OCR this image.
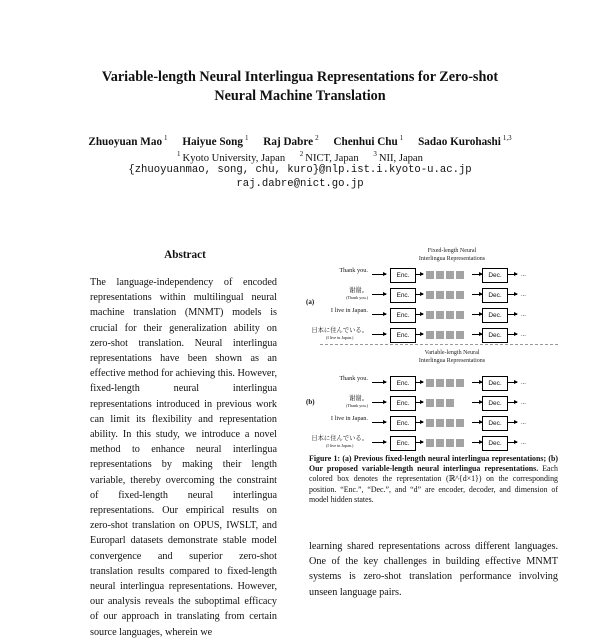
Variable-length Neural Interlingua Representations for Zero-shot
Neural Machine Translation
Zhuoyuan Mao $^1$ Haiyue Song $^1$ Raj Dabre $^2$ Chenhui Chu $^1$ Sadao Kurohashi $^{1,3}$
$^1$ Kyoto University, Japan $^2$ NICT, Japan $^3$ NII, Japan
{zhuoyuanmao, song, chu, kuro}@nlp.ist.i.kyoto-u.ac.jp
raj.dabre@nict.go.jp
Abstract
The language-independency of encoded representations within multilingual neural machine translation (MNMT) models is crucial for their generalization ability on zero-shot translation. Neural interlingua representations have been shown as an effective method for achieving this. However, fixed-length neural interlingua representations introduced in previous work can limit its flexibility and representation ability. In this study, we introduce a novel method to enhance neural interlingua representations by making their length variable, thereby overcoming the constraint of fixed-length neural interlingua representations. Our empirical results on zero-shot translation on OPUS, IWSLT, and Europarl datasets demonstrate stable model convergence and superior zero-shot translation results compared to fixed-length neural interlingua representations. However, our analysis reveals the suboptimal efficacy of our approach in translating from certain source languages, wherein we
Fixed-length Neural
Interlingua Representations
(a)
Thank you.
Enc.	Dec.	...
谢谢。
(Thank you.)	Enc.	Dec.	...
I live in Japan.
Enc.	Dec.	...
日本に住んでいる。
(I live in Japan.)	Enc.	Dec.	...
Variable-length Neural
Interlingua Representations
(b)
Thank you.
Enc.	Dec.	...
谢谢。
(Thank you.)	Enc.	Dec.	...
I live in Japan.
Enc.	Dec.	...
日本に住んでいる。
(I live in Japan.)	Enc.	Dec.	...
Figure 1: (a) Previous fixed-length neural interlingua representations; (b) Our proposed variable-length neural interlingua representations. Each colored box denotes the representation (ℝ^{d×1}) on the corresponding position. “Enc.”, “Dec.”, and “d” are encoder, decoder, and dimension of model hidden states.
learning shared representations across different languages. One of the key challenges in building effective MNMT systems is zero-shot translation performance involving unseen language pairs.
